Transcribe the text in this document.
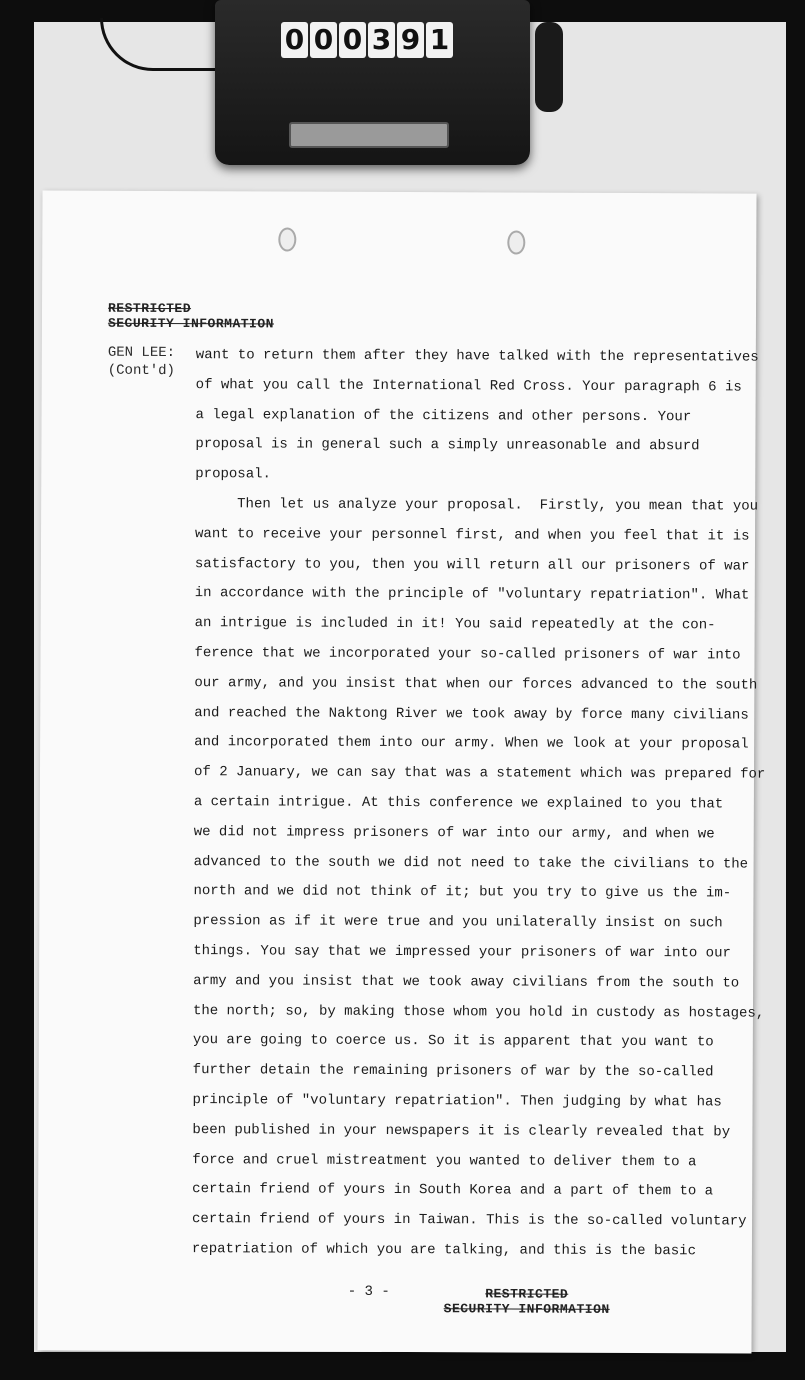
0 0 0 3 9 1
RESTRICTED
SECURITY INFORMATION
GEN LEE:
(Cont'd)
want to return them after they have talked with the representatives
of what you call the International Red Cross. Your paragraph 6 is
a legal explanation of the citizens and other persons. Your
proposal is in general such a simply unreasonable and absurd
proposal.
Then let us analyze your proposal.  Firstly, you mean that you
want to receive your personnel first, and when you feel that it is
satisfactory to you, then you will return all our prisoners of war
in accordance with the principle of "voluntary repatriation". What
an intrigue is included in it! You said repeatedly at the con-
ference that we incorporated your so-called prisoners of war into
our army, and you insist that when our forces advanced to the south
and reached the Naktong River we took away by force many civilians
and incorporated them into our army. When we look at your proposal
of 2 January, we can say that was a statement which was prepared for
a certain intrigue. At this conference we explained to you that
we did not impress prisoners of war into our army, and when we
advanced to the south we did not need to take the civilians to the
north and we did not think of it; but you try to give us the im-
pression as if it were true and you unilaterally insist on such
things. You say that we impressed your prisoners of war into our
army and you insist that we took away civilians from the south to
the north; so, by making those whom you hold in custody as hostages,
you are going to coerce us. So it is apparent that you want to
further detain the remaining prisoners of war by the so-called
principle of "voluntary repatriation". Then judging by what has
been published in your newspapers it is clearly revealed that by
force and cruel mistreatment you wanted to deliver them to a
certain friend of yours in South Korea and a part of them to a
certain friend of yours in Taiwan. This is the so-called voluntary
repatriation of which you are talking, and this is the basic
- 3 -	RESTRICTED
SECURITY INFORMATION
